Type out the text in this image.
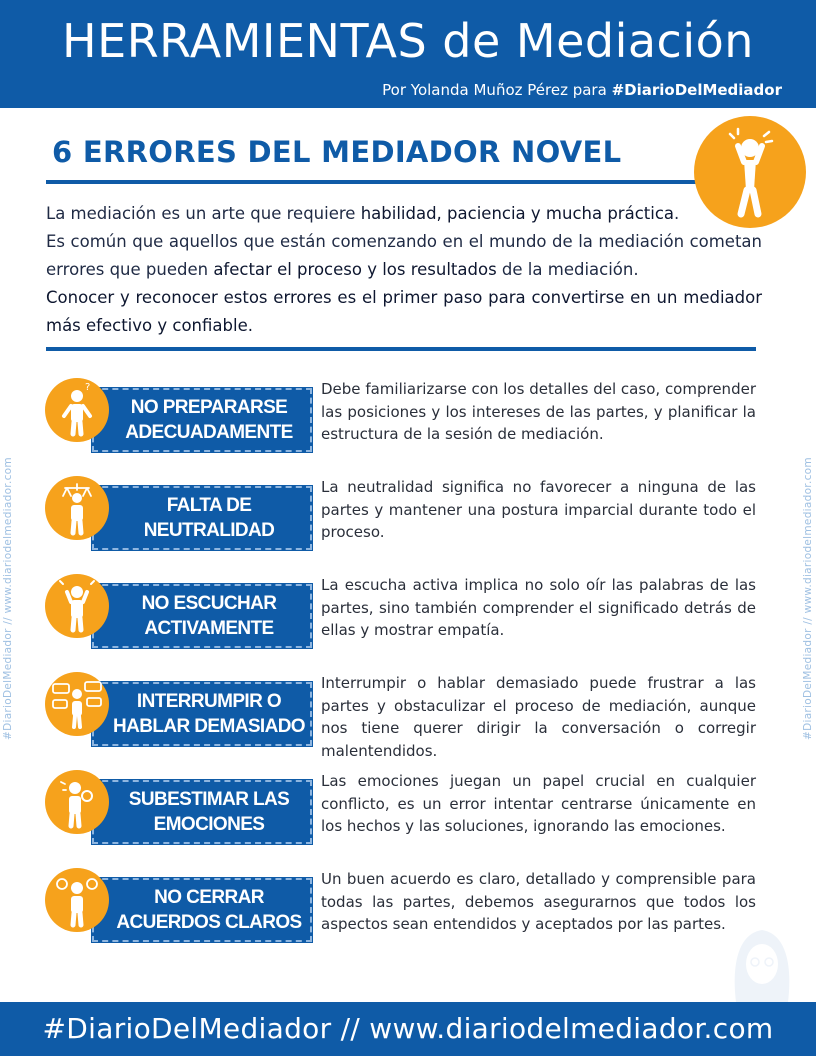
HERRAMIENTAS de Mediación
Por Yolanda Muñoz Pérez para #DiarioDelMediador
6 ERRORES DEL MEDIADOR NOVEL
La mediación es un arte que requiere habilidad, paciencia y mucha práctica.
Es común que aquellos que están comenzando en el mundo de la mediación cometan errores que pueden afectar el proceso y los resultados de la mediación.
Conocer y reconocer estos errores es el primer paso para convertirse en un mediador más efectivo y confiable.
NO PREPARARSE ADECUADAMENTE
?	Debe familiarizarse con los detalles del caso, comprender las posiciones y los intereses de las partes, y planificar la estructura de la sesión de mediación.
FALTA DE NEUTRALIDAD
La neutralidad significa no favorecer a ninguna de las partes y mantener una postura imparcial durante todo el proceso.
NO ESCUCHAR ACTIVAMENTE
La escucha activa implica no solo oír las palabras de las partes, sino también comprender el significado detrás de ellas y mostrar empatía.
INTERRUMPIR O HABLAR DEMASIADO
Interrumpir o hablar demasiado puede frustrar a las partes y obstaculizar el proceso de mediación, aunque nos tiene querer dirigir la conversación o corregir malentendidos.
SUBESTIMAR LAS EMOCIONES
Las emociones juegan un papel crucial en cualquier conflicto, es un error intentar centrarse únicamente en los hechos y las soluciones, ignorando las emociones.
NO CERRAR ACUERDOS CLAROS
Un buen acuerdo es claro, detallado y comprensible para todas las partes, debemos asegurarnos que todos los aspectos sean entendidos y aceptados por las partes.
#DiarioDelMediador // www.diariodelmediador.com	#DiarioDelMediador // www.diariodelmediador.com
#DiarioDelMediador // www.diariodelmediador.com
